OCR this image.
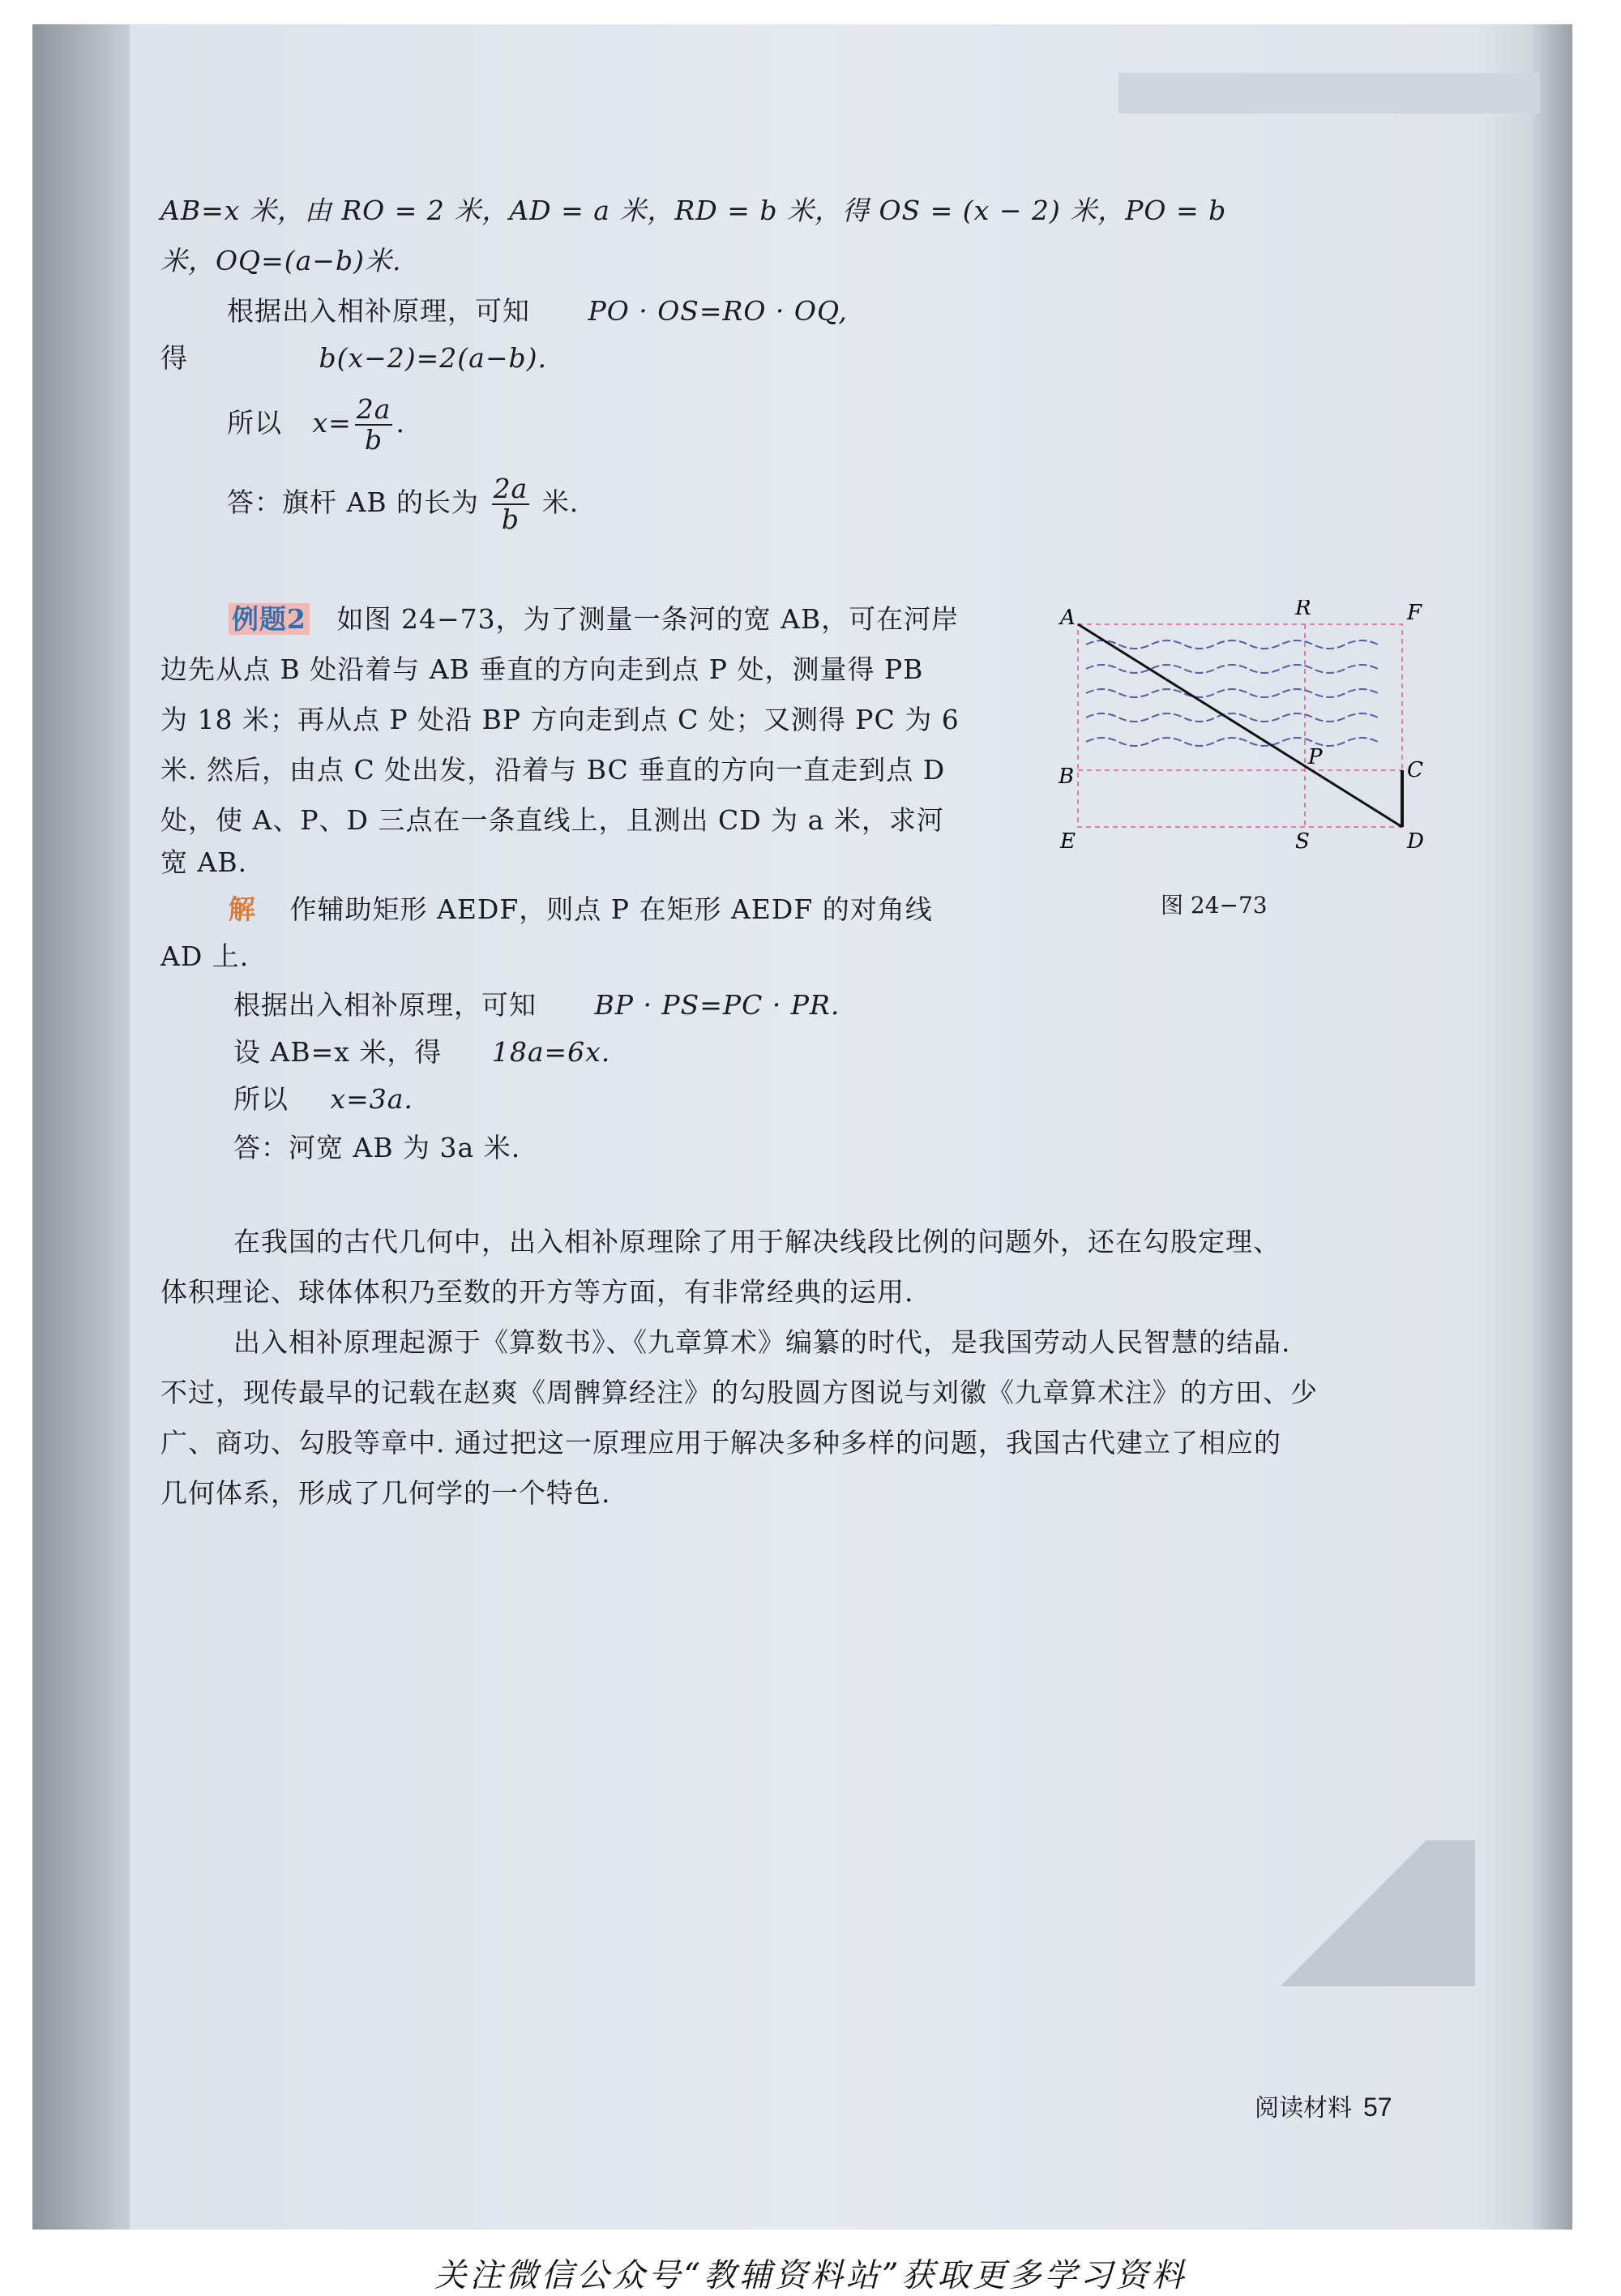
AB=x 米，由 RO = 2 米，AD = a 米，RD = b 米，得 OS = (x − 2) 米，PO = b
米，OQ=(a−b)米.
根据出入相补原理，可知 PO · OS=RO · OQ,
得	b(x−2)=2(a−b).
所以 $x= \frac{2a}{b}$ .
答：旗杆 AB 的长为 $\frac{2a}{b}$ 米.
例题2 如图 24−73，为了测量一条河的宽 AB，可在河岸
边先从点 B 处沿着与 AB 垂直的方向走到点 P 处，测量得 PB
为 18 米；再从点 P 处沿 BP 方向走到点 C 处；又测得 PC 为 6
米. 然后，由点 C 处出发，沿着与 BC 垂直的方向一直走到点 D
处，使 A、P、D 三点在一条直线上，且测出 CD 为 a 米，求河
宽 AB.
解 作辅助矩形 AEDF，则点 P 在矩形 AEDF 的对角线
AD 上.
根据出入相补原理，可知 BP · PS=PC · PR.
设 AB=x 米，得 18a=6x.
所以 x=3a.
答：河宽 AB 为 3a 米.
A	R	F
B
P
C
E	S	D
图 24−73
在我国的古代几何中，出入相补原理除了用于解决线段比例的问题外，还在勾股定理、
体积理论、球体体积乃至数的开方等方面，有非常经典的运用.
出入相补原理起源于《算数书》、《九章算术》编纂的时代，是我国劳动人民智慧的结晶.
不过，现传最早的记载在赵爽《周髀算经注》的勾股圆方图说与刘徽《九章算术注》的方田、少
广、商功、勾股等章中. 通过把这一原理应用于解决多种多样的问题，我国古代建立了相应的
几何体系，形成了几何学的一个特色.
阅读材料 57
关注微信公众号“教辅资料站”获取更多学习资料
